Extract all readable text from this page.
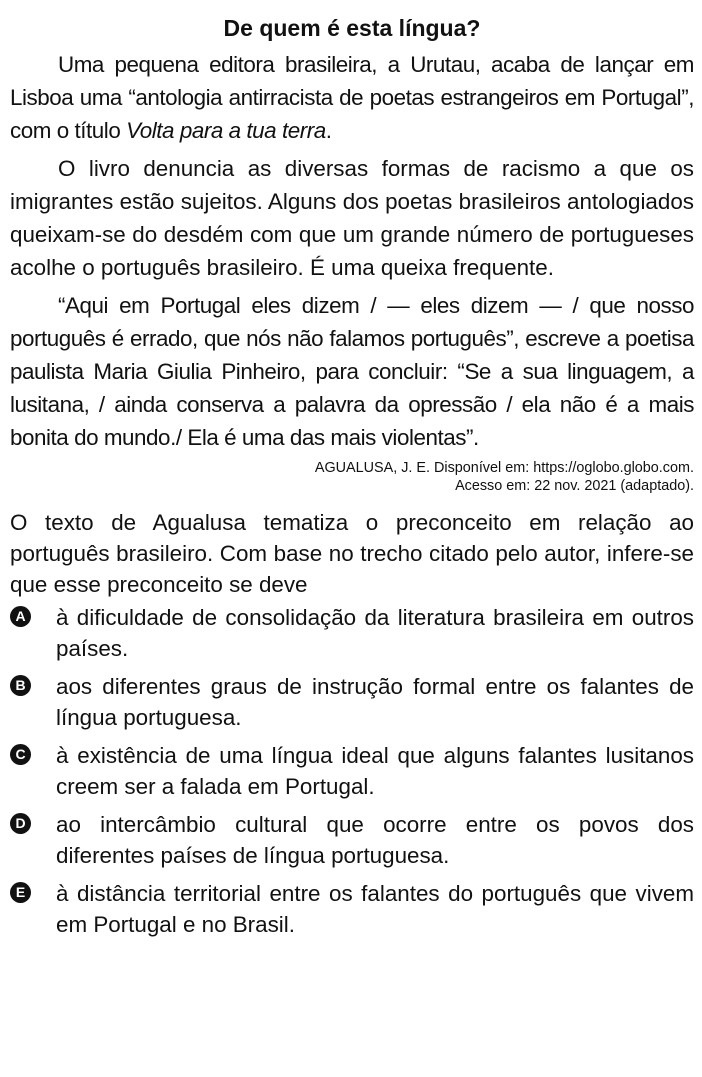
De quem é esta língua?

Uma pequena editora brasileira, a Urutau, acaba de lançar em Lisboa uma “antologia antirracista de poetas estrangeiros em Portugal”, com o título Volta para a tua terra.

O livro denuncia as diversas formas de racismo a que os imigrantes estão sujeitos. Alguns dos poetas brasileiros antologiados queixam-se do desdém com que um grande número de portugueses acolhe o português brasileiro. É uma queixa frequente.

“Aqui em Portugal eles dizem / — eles dizem — / que nosso português é errado, que nós não falamos português”, escreve a poetisa paulista Maria Giulia Pinheiro, para concluir: “Se a sua linguagem, a lusitana, / ainda conserva a palavra da opressão / ela não é a mais bonita do mundo./ Ela é uma das mais violentas”.

AGUALUSA, J. E. Disponível em: https://oglobo.globo.com.
Acesso em: 22 nov. 2021 (adaptado).

O texto de Agualusa tematiza o preconceito em relação ao português brasileiro. Com base no trecho citado pelo autor, infere-se que esse preconceito se deve

A à dificuldade de consolidação da literatura brasileira em outros países.
B aos diferentes graus de instrução formal entre os falantes de língua portuguesa.
C à existência de uma língua ideal que alguns falantes lusitanos creem ser a falada em Portugal.
D ao intercâmbio cultural que ocorre entre os povos dos diferentes países de língua portuguesa.
E à distância territorial entre os falantes do português que vivem em Portugal e no Brasil.
